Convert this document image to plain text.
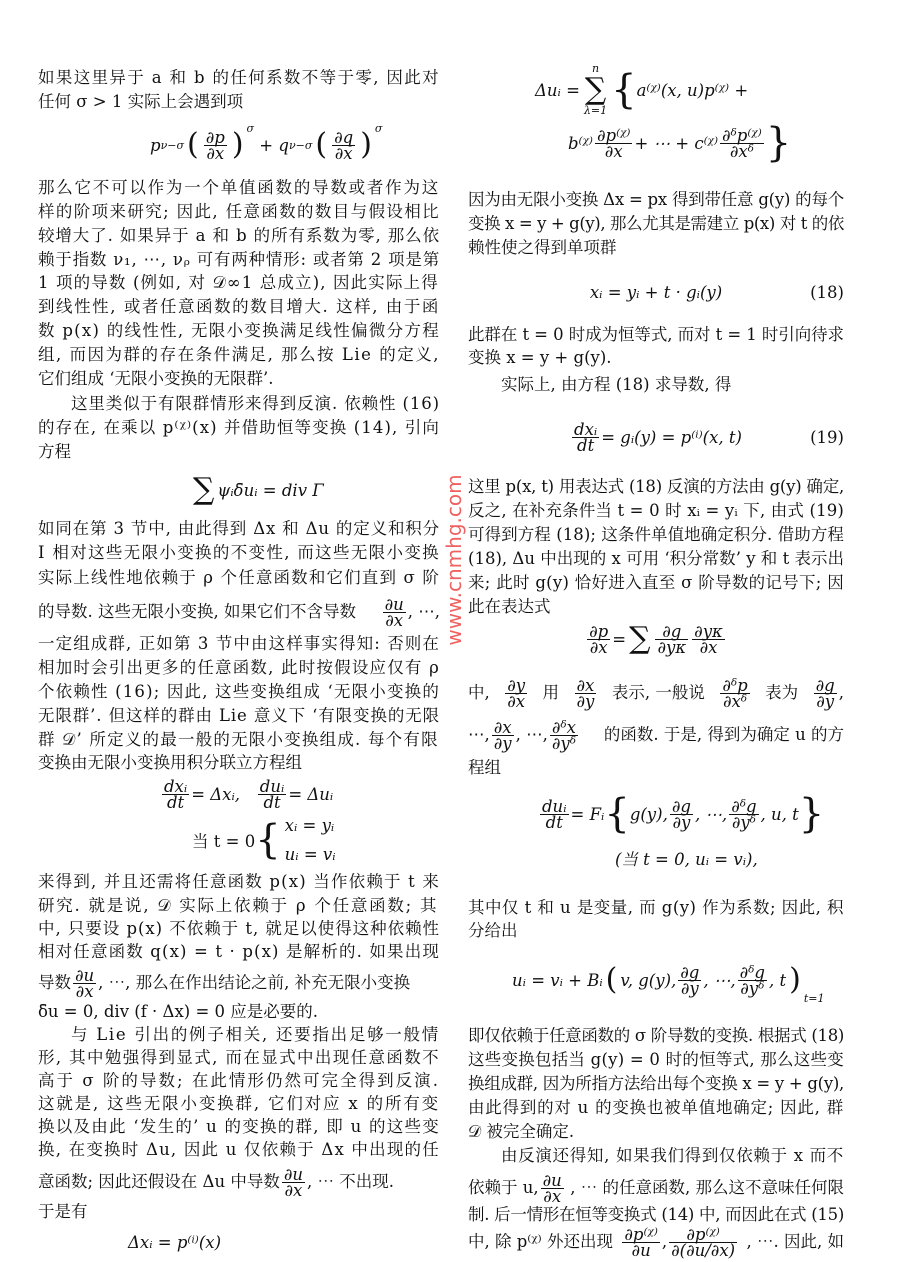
如果这里异于 a 和 b 的任何系数不等于零, 因此对
任何 σ > 1 实际上会遇到项
p ν−σ ( $\frac{\partial p}{\partial x}$ ) σ

+ q ν−σ ( $\frac{\partial q}{\partial x}$ ) σ
那么它不可以作为一个单值函数的导数或者作为这
样的阶项来研究; 因此, 任意函数的数目与假设相比
较增大了. 如果异于 a 和 b 的所有系数为零, 那么依
赖于指数 ν₁, ⋯, νᵨ 可有两种情形: 或者第 2 项是第
1 项的导数 (例如, 对 𝒟∞1 总成立), 因此实际上得
到线性性, 或者任意函数的数目增大. 这样, 由于函
数 p(x) 的线性性, 无限小变换满足线性偏微分方程
组, 而因为群的存在条件满足, 那么按 Lie 的定义,
它们组成 ‘无限小变换的无限群’.
这里类似于有限群情形来得到反演. 依赖性 (16)
的存在, 在乘以 p⁽ᵡ⁾(x) 并借助恒等变换 (14), 引向
方程
∑ ψᵢδ̄uᵢ = div Γ
如同在第 3 节中, 由此得到 Δx 和 Δu 的定义和积分
I 相对这些无限小变换的不变性, 而这些无限小变换
实际上线性地依赖于 ρ 个任意函数和它们直到 σ 阶
的导数. 这些无限小变换, 如果它们不含导数 $\frac{\partial u}{\partial x}$ , ⋯,
一定组成群, 正如第 3 节中由这样事实得知: 否则在
相加时会引出更多的任意函数, 此时按假设应仅有 ρ
个依赖性 (16); 因此, 这些变换组成 ‘无限小变换的
无限群’. 但这样的群由 Lie 意义下 ‘有限变换的无限
群 𝒟’ 所定义的最一般的无限小变换组成. 每个有限
变换由无限小变换用积分联立方程组
dxᵢ
dt = Δxᵢ,
duᵢ
dt = Δuᵢ
当 t = 0 { xᵢ = yᵢ
uᵢ = vᵢ
来得到, 并且还需将任意函数 p(x) 当作依赖于 t 来
研究. 就是说, 𝒟 实际上依赖于 ρ 个任意函数; 其
中, 只要设 p(x) 不依赖于 t, 就足以使得这种依赖性
相对任意函数 q(x) = t · p(x) 是解析的. 如果出现
导数 $\frac{\partial u}{\partial x}$ , ⋯, 那么在作出结论之前, 补充无限小变换
δ̄u = 0, div (f · Δx) = 0 应是必要的.
与 Lie 引出的例子相关, 还要指出足够一般情
形, 其中勉强得到显式, 而在显式中出现任意函数不
高于 σ 阶的导数; 在此情形仍然可完全得到反演.
这就是, 这些无限小变换群, 它们对应 x 的所有变
换以及由此 ‘发生的’ u 的变换的群, 即 u 的这些变
换, 在变换时 Δu, 因此 u 仅依赖于 Δx 中出现的任
意函数; 因此还假设在 Δu 中导数 $\frac{\partial u}{\partial x}$ , ⋯ 不出现.
于是有
Δxᵢ = p⁽ⁱ⁾(x)
Δuᵢ =
n
∑
λ=1 { a⁽ᵡ⁾(x, u)p⁽ᵡ⁾ +
b⁽ᵡ⁾ $\frac{\text{∂p⁽ᵡ⁾}}{\partial x}$ + ⋯ + c⁽ᵡ⁾ $\frac{\text{∂ᵟp⁽ᵡ⁾}}{\text{∂xᵟ}}$ }
因为由无限小变换 Δx = px 得到带任意 g(y) 的每个
变换 x = y + g(y), 那么尤其是需建立 p(x) 对 t 的依
赖性使之得到单项群
xᵢ = yᵢ + t · gᵢ(y)	(18)
此群在 t = 0 时成为恒等式, 而对 t = 1 时引向待求
变换 x = y + g(y).
实际上, 由方程 (18) 求导数, 得
dxᵢ
dt = gᵢ(y) = p⁽ⁱ⁾(x, t)	(19)
这里 p(x, t) 用表达式 (18) 反演的方法由 g(y) 确定,
反之, 在补充条件当 t = 0 时 xᵢ = yᵢ 下, 由式 (19)
可得到方程 (18); 这条件单值地确定积分. 借助方程
(18), Δu 中出现的 x 可用 ‘积分常数’ y 和 t 表示出
来; 此时 g(y) 恰好进入直至 σ 阶导数的记号下; 因
此在表达式
$\frac{\partial p}{\partial x}$ = ∑ $\frac{\partial g}{\partial y\kappa} \frac{\partial y\kappa}{\partial x}$
中, $\frac{\partial y}{\partial x}$ 用 $\frac{\partial x}{\partial y}$ 表示, 一般说 $\frac{\text{∂ᵟp}}{\text{∂xᵟ}}$ 表为 $\frac{\partial g}{\partial y}$ ,
⋯, $\frac{\partial x}{\partial y}$ , ⋯, $\frac{\text{∂ᵟx}}{\text{∂yᵟ}}$ 的函数. 于是, 得到为确定 u 的方
程组
duᵢ
dt = Fᵢ { g(y), $\frac{\partial g}{\partial y}$ , ⋯, $\frac{\text{∂ᵟg}}{\text{∂yᵟ}}$ , u, t }
(当 t = 0, uᵢ = vᵢ),
其中仅 t 和 u 是变量, 而 g(y) 作为系数; 因此, 积
分给出
uᵢ = vᵢ + Bᵢ ( v, g(y), $\frac{\partial g}{\partial y}$ , ⋯, $\frac{\text{∂ᵟg}}{\text{∂yᵟ}}$ , t )
t=1
即仅依赖于任意函数的 σ 阶导数的变换. 根据式 (18)
这些变换包括当 g(y) = 0 时的恒等式, 那么这些变
换组成群, 因为所指方法给出每个变换 x = y + g(y),
由此得到的对 u 的变换也被单值地确定; 因此, 群
𝒟 被完全确定.
由反演还得知, 如果我们得到仅依赖于 x 而不
依赖于 u, $\frac{\partial u}{\partial x}$ , ⋯ 的任意函数, 那么这不意味任何限
制. 后一情形在恒等变换式 (14) 中, 而因此在式 (15)
中, 除 p⁽ᵡ⁾ 外还出现 $\frac{\text{∂p⁽ᵡ⁾}}{\partial u}$ , $\frac{\text{∂p⁽ᵡ⁾}}{\partial(\partial u/\partial x)}$ , ⋯. 因此, 如
www.cnmhg.com
